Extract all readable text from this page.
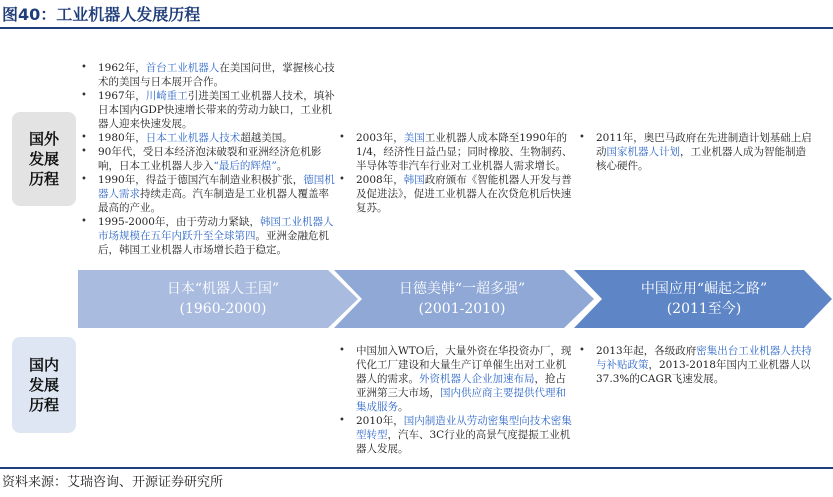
图40：工业机器人发展历程
国外
发展
历程
国内
发展
历程
• 1962年，首台工业机器人在美国问世，掌握核心技术的美国与日本展开合作。
• 1967年，川崎重工引进美国工业机器人技术，填补日本国内GDP快速增长带来的劳动力缺口，工业机器人迎来快速发展。
• 1980年，日本工业机器人技术超越美国。
• 90年代，受日本经济泡沫破裂和亚洲经济危机影响，日本工业机器人步入“最后的辉煌”。
• 1990年，得益于德国汽车制造业积极扩张，德国机器人需求持续走高。汽车制造是工业机器人覆盖率最高的产业。
• 1995-2000年，由于劳动力紧缺，韩国工业机器人市场规模在五年内跃升至全球第四。亚洲金融危机后，韩国工业机器人市场增长趋于稳定。
• 2003年，美国工业机器人成本降至1990年的1/4，经济性日益凸显；同时橡胶、生物制药、半导体等非汽车行业对工业机器人需求增长。
• 2008年，韩国政府颁布《智能机器人开发与普及促进法》，促进工业机器人在次贷危机后快速复苏。
• 2011年，奥巴马政府在先进制造计划基础上启动国家机器人计划，工业机器人成为智能制造核心硬件。
日本“机器人王国”
(1960-2000)
日德美韩“一超多强”
(2001-2010)
中国应用“崛起之路”
(2011至今)
• 中国加入WTO后，大量外资在华投资办厂，现代化工厂建设和大量生产订单催生出对工业机器人的需求。外资机器人企业加速布局，抢占亚洲第三大市场，国内供应商主要提供代理和集成服务。
• 2010年，国内制造业从劳动密集型向技术密集型转型，汽车、3C行业的高景气度提振工业机器人发展。
• 2013年起，各级政府密集出台工业机器人扶持与补贴政策，2013-2018年国内工业机器人以37.3%的CAGR飞速发展。
资料来源：艾瑞咨询、开源证券研究所
